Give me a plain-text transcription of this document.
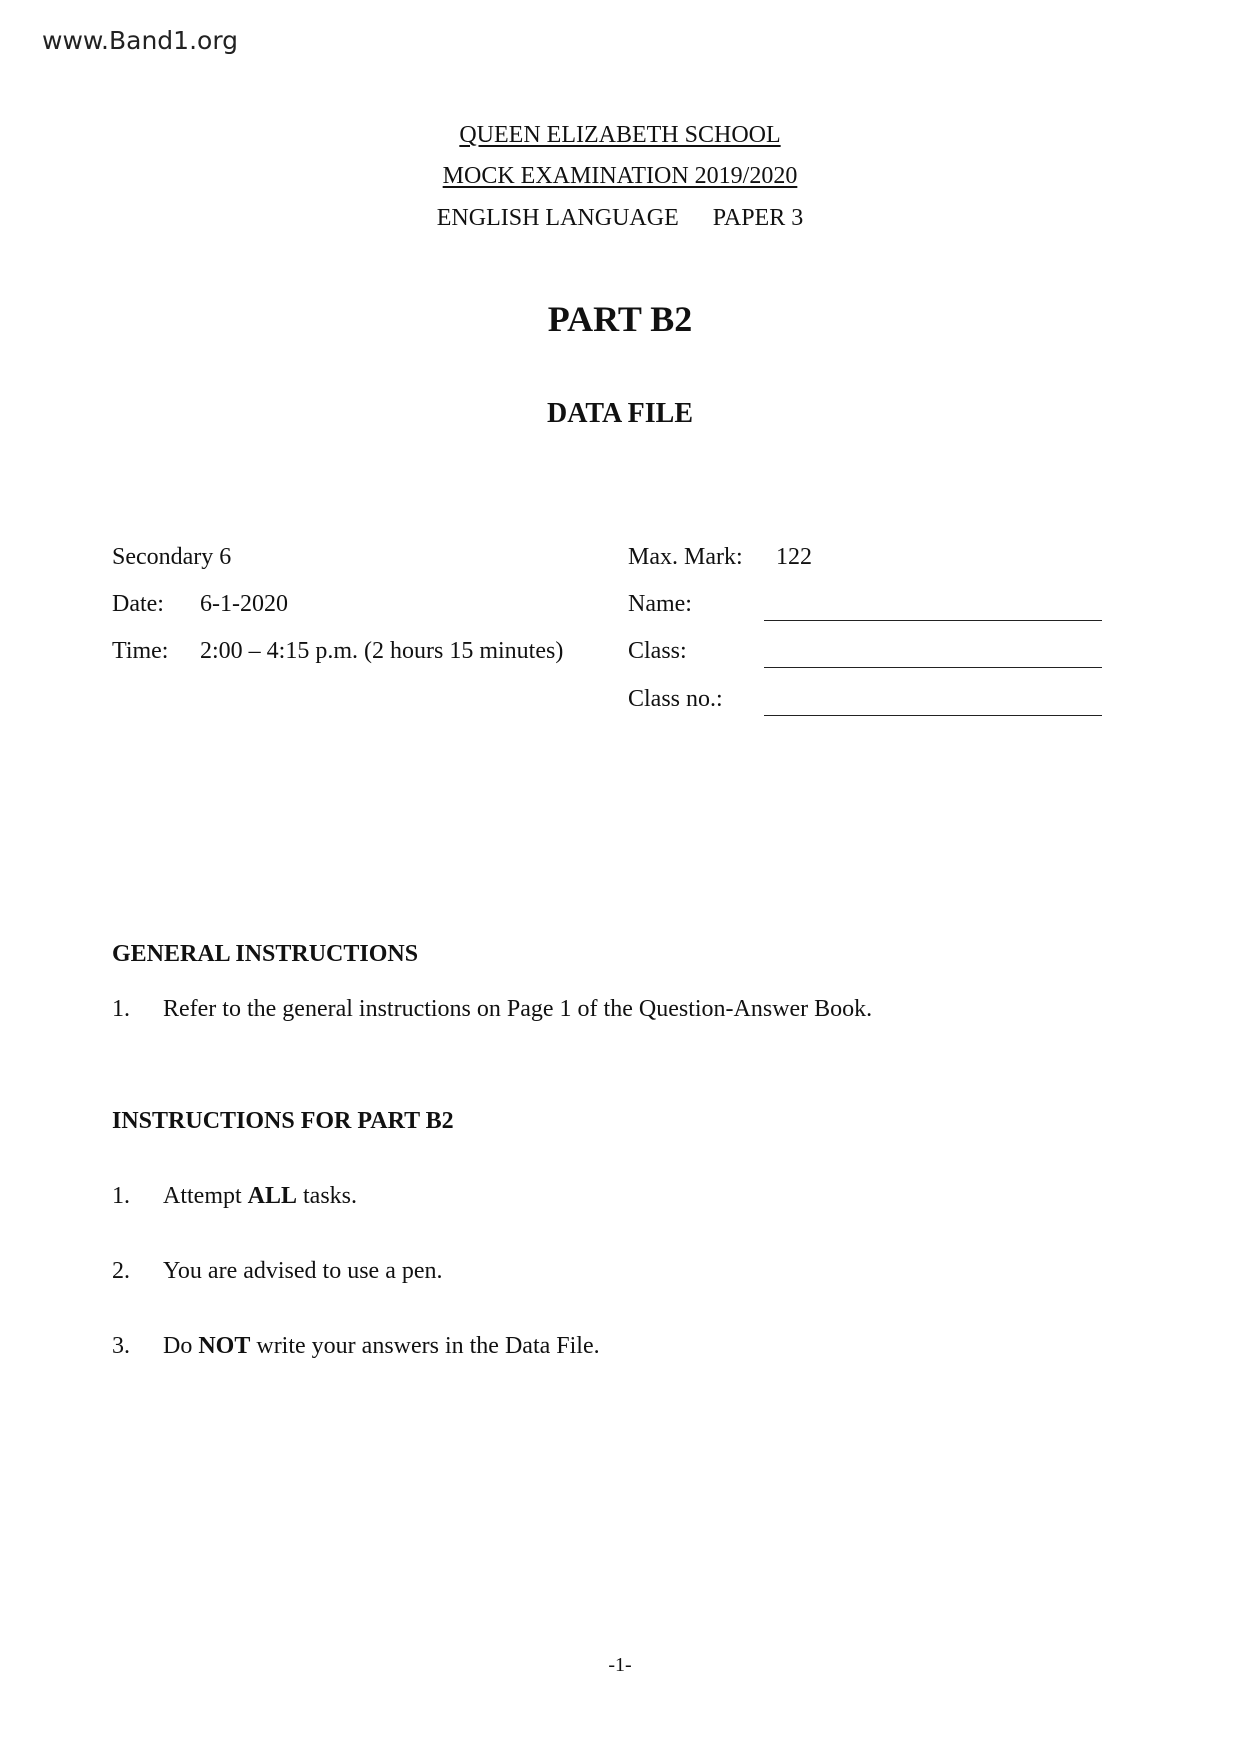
www.Band1.org
QUEEN ELIZABETH SCHOOL
MOCK EXAMINATION 2019/2020
ENGLISH LANGUAGE PAPER 3
PART B2
DATA FILE
Secondary 6
Date: 6-1-2020
Time: 2:00 – 4:15 p.m. (2 hours 15 minutes)
Max. Mark: 122
Name:
Class:
Class no.:
GENERAL INSTRUCTIONS
1.	Refer to the general instructions on Page 1 of the Question-Answer Book.
INSTRUCTIONS FOR PART B2
1.	Attempt ALL tasks.
2.	You are advised to use a pen.
3.	Do NOT write your answers in the Data File.
-1-
